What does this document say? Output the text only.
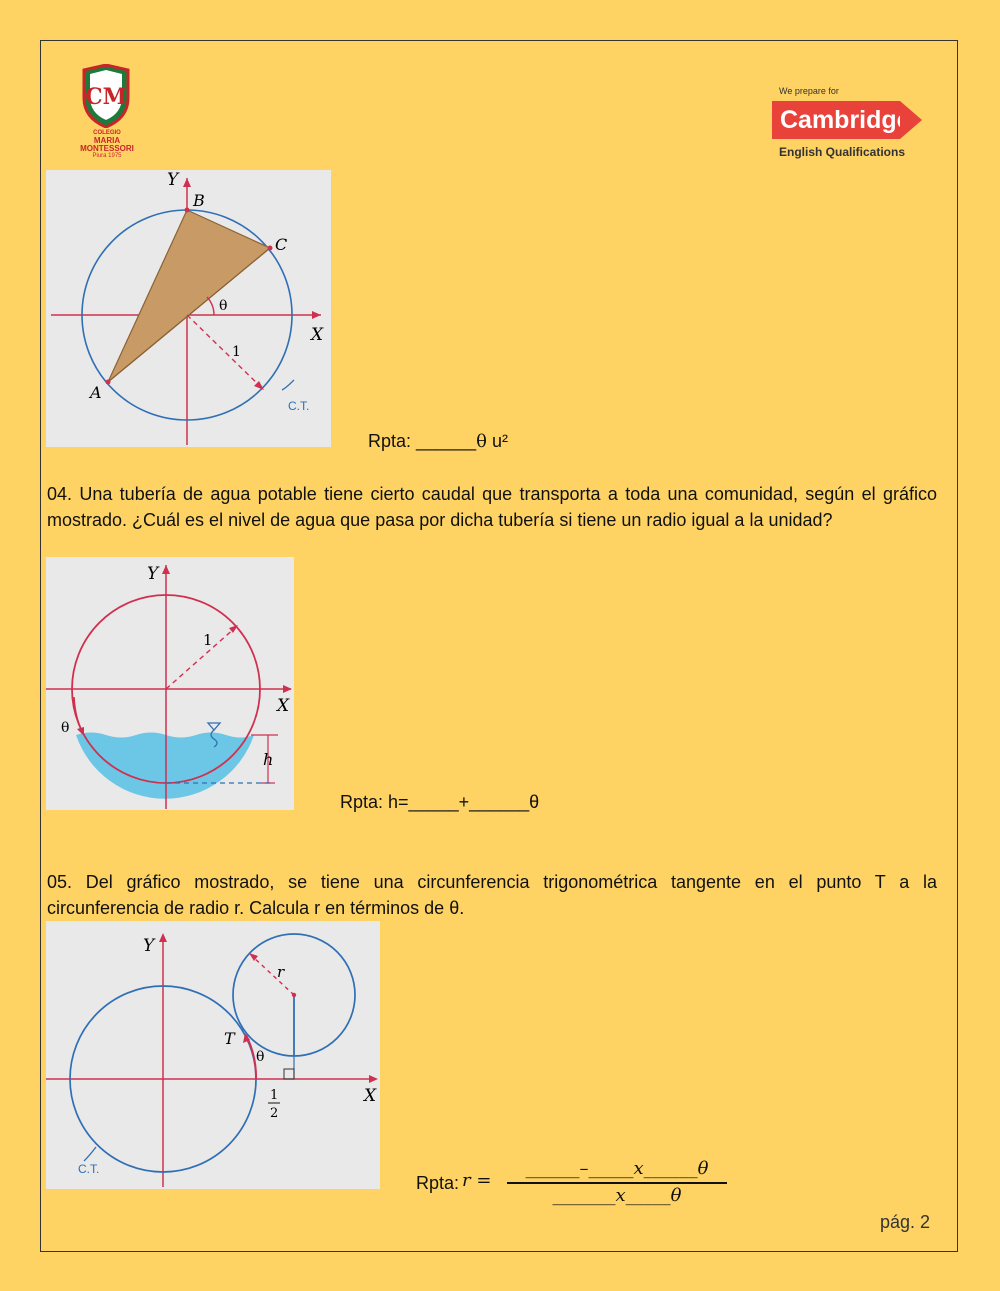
CM
COLEGIO
MARIA
MONTESSORI
Piura 1975
We prepare for
Cambridge
English Qualifications
Y
X
B
C
A
θ
1
C.T.
Rpta: ______θ u²
04. Una tubería de agua potable tiene cierto caudal que transporta a toda una comunidad, según el gráfico
mostrado. ¿Cuál es el nivel de agua que pasa por dicha tubería si tiene un radio igual a la unidad?
Y
X
1
θ
h
Rpta: h=_____+______θ
05. Del gráfico mostrado, se tiene una circunferencia trigonométrica tangente en el punto T a la
circunferencia de radio r. Calcula r en términos de θ.
Y
X
r
T
θ
1
2
C.T.
Rpta: r =
______–_____x______θ
_______x_____θ
pág. 2
